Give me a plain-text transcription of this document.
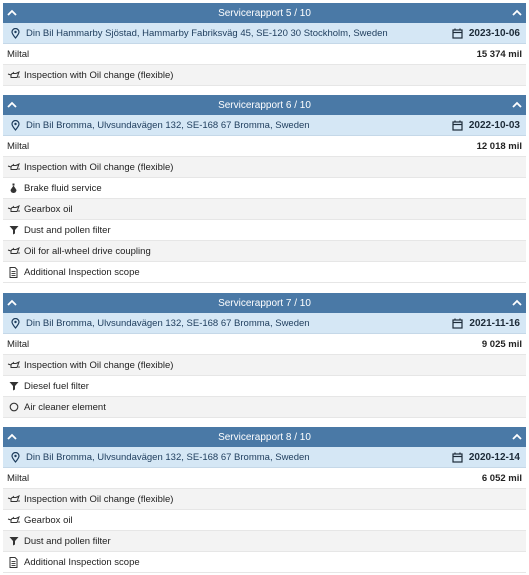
Servicerapport 5 / 10
Din Bil Hammarby Sjöstad, Hammarby Fabriksväg 45, SE-120 30 Stockholm, Sweden	2023-10-06
Miltal	15 374 mil
Inspection with Oil change (flexible)
Servicerapport 6 / 10
Din Bil Bromma, Ulvsundavägen 132, SE-168 67 Bromma, Sweden	2022-10-03
Miltal	12 018 mil
Inspection with Oil change (flexible)
Brake fluid service
Gearbox oil
Dust and pollen filter
Oil for all-wheel drive coupling
Additional Inspection scope
Servicerapport 7 / 10
Din Bil Bromma, Ulvsundavägen 132, SE-168 67 Bromma, Sweden	2021-11-16
Miltal	9 025 mil
Inspection with Oil change (flexible)
Diesel fuel filter
Air cleaner element
Servicerapport 8 / 10
Din Bil Bromma, Ulvsundavägen 132, SE-168 67 Bromma, Sweden	2020-12-14
Miltal	6 052 mil
Inspection with Oil change (flexible)
Gearbox oil
Dust and pollen filter
Additional Inspection scope
